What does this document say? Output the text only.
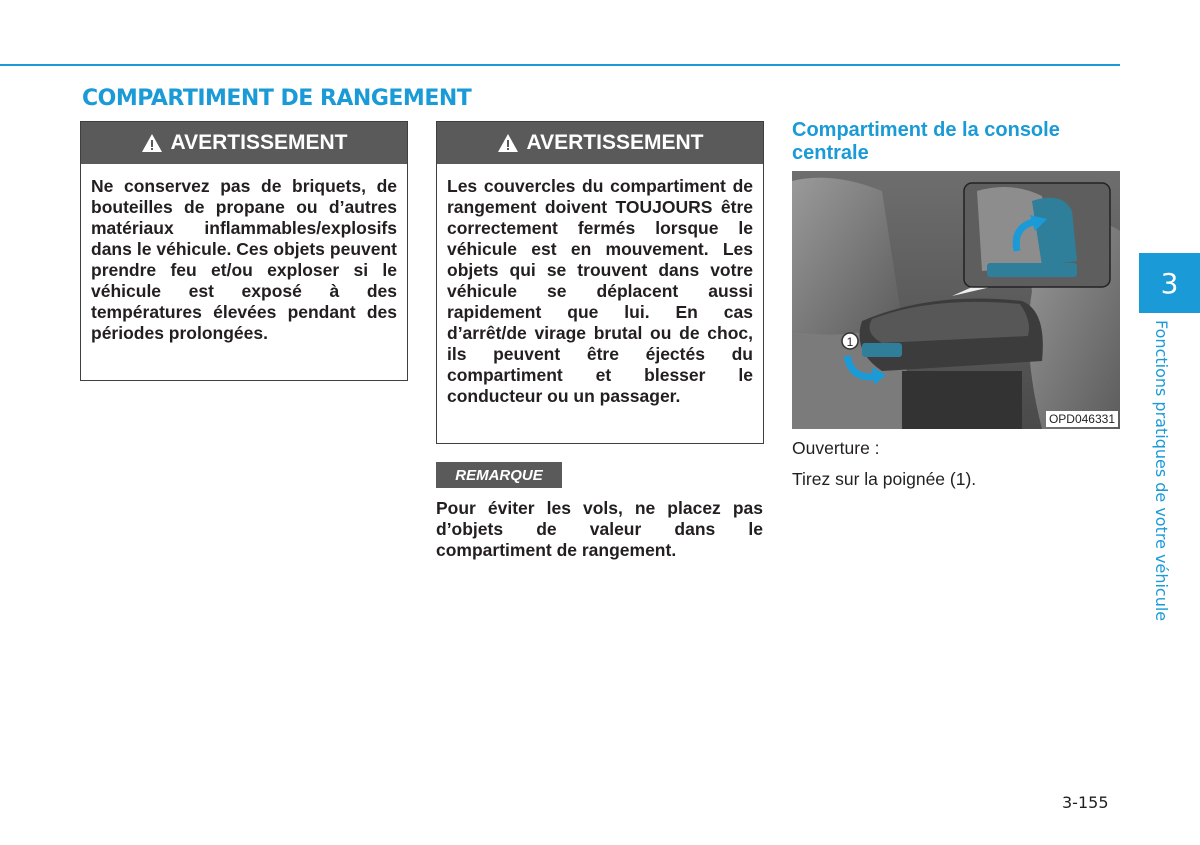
COMPARTIMENT DE RANGEMENT
AVERTISSEMENT

Ne conservez pas de briquets, de bouteilles de propane ou d’autres matériaux inflammables/explosifs dans le véhicule. Ces objets peuvent prendre feu et/ou exploser si le véhicule est exposé à des températures élevées pendant des périodes prolongées.

AVERTISSEMENT

Les couvercles du compartiment de rangement doivent TOUJOURS être correctement fermés lorsque le véhicule est en mouvement. Les objets qui se trouvent dans votre véhicule se déplacent aussi rapidement que lui. En cas d’arrêt/de virage brutal ou de choc, ils peuvent être éjectés du compartiment et blesser le conducteur ou un passager.

REMARQUE

Pour éviter les vols, ne placez pas d’objets de valeur dans le compartiment de rangement.

Compartiment de la console centrale
1
OPD046331

Ouverture :

Tirez sur la poignée (1).

3
Fonctions pratiques de votre véhicule
3-155
